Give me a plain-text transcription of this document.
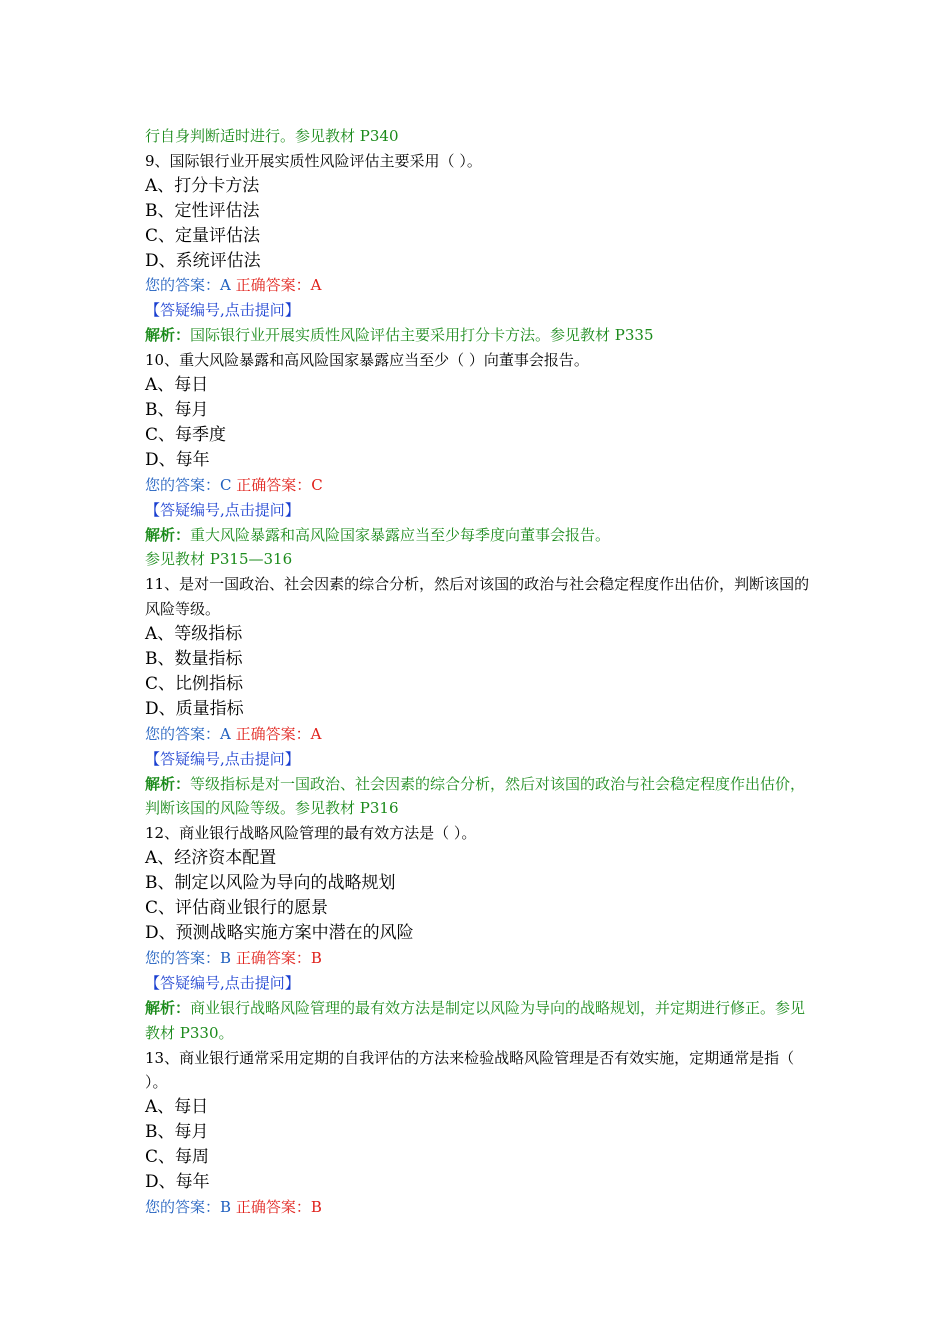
行自身判断适时进行。参见教材 P340
9、国际银行业开展实质性风险评估主要采用（ ）。
A、打分卡方法
B、定性评估法
C、定量评估法
D、系统评估法
您的答案：A 正确答案：A
【答疑编号,点击提问】
解析：国际银行业开展实质性风险评估主要采用打分卡方法。参见教材 P335
10、重大风险暴露和高风险国家暴露应当至少（ ）向董事会报告。
A、每日
B、每月
C、每季度
D、每年
您的答案：C 正确答案：C
【答疑编号,点击提问】
解析：重大风险暴露和高风险国家暴露应当至少每季度向董事会报告。
参见教材 P315—316
11、是对一国政治、社会因素的综合分析，然后对该国的政治与社会稳定程度作出估价，判断该国的风险等级。
A、等级指标
B、数量指标
C、比例指标
D、质量指标
您的答案：A 正确答案：A
【答疑编号,点击提问】
解析：等级指标是对一国政治、社会因素的综合分析，然后对该国的政治与社会稳定程度作出估价，判断该国的风险等级。参见教材 P316
12、商业银行战略风险管理的最有效方法是（ ）。
A、经济资本配置
B、制定以风险为导向的战略规划
C、评估商业银行的愿景
D、预测战略实施方案中潜在的风险
您的答案：B 正确答案：B
【答疑编号,点击提问】
解析：商业银行战略风险管理的最有效方法是制定以风险为导向的战略规划，并定期进行修正。参见教材 P330。
13、商业银行通常采用定期的自我评估的方法来检验战略风险管理是否有效实施，定期通常是指（ ）。
A、每日
B、每月
C、每周
D、每年
您的答案：B 正确答案：B
